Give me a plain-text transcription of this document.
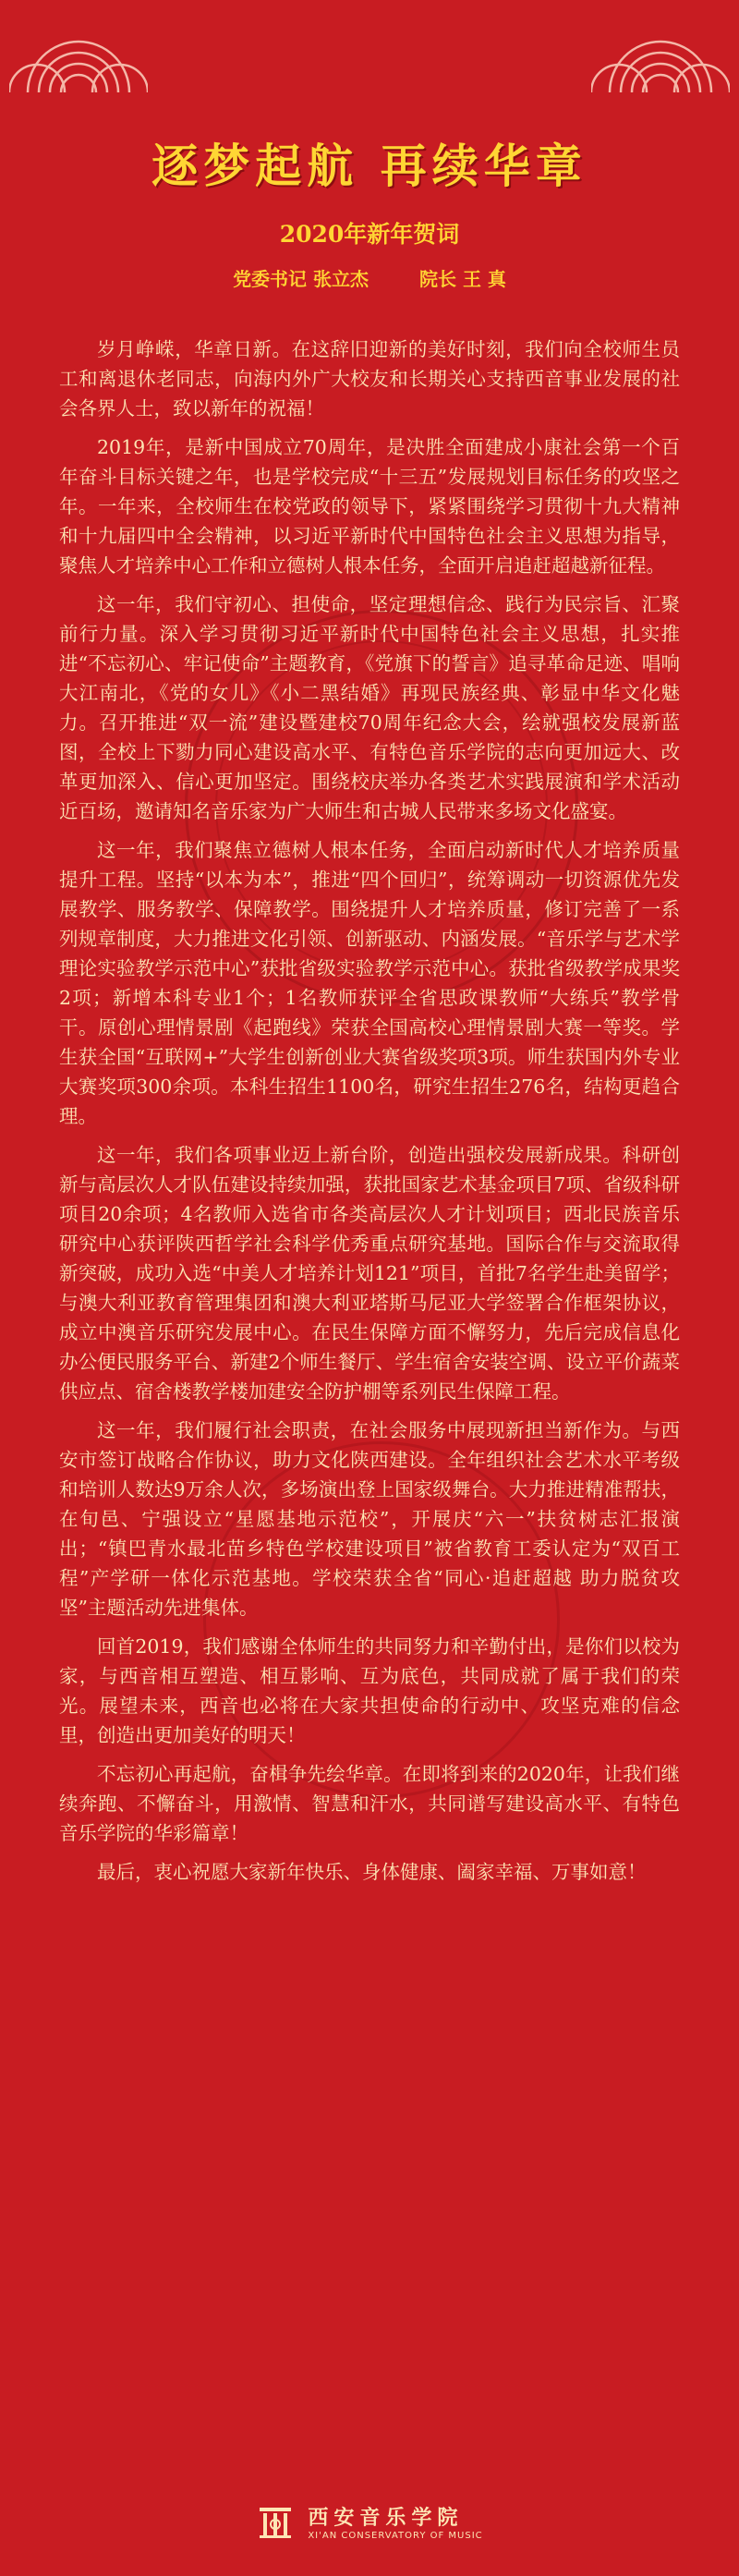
逐梦起航 再续华章
2020年新年贺词
党委书记 张立杰	院长 王 真

岁月峥嵘，华章日新。在这辞旧迎新的美好时刻，我们向全校师生员工和离退休老同志，向海内外广大校友和长期关心支持西音事业发展的社会各界人士，致以新年的祝福！

2019年，是新中国成立70周年，是决胜全面建成小康社会第一个百年奋斗目标关键之年，也是学校完成“十三五”发展规划目标任务的攻坚之年。一年来，全校师生在校党政的领导下，紧紧围绕学习贯彻十九大精神和十九届四中全会精神，以习近平新时代中国特色社会主义思想为指导，聚焦人才培养中心工作和立德树人根本任务，全面开启追赶超越新征程。

这一年，我们守初心、担使命，坚定理想信念、践行为民宗旨、汇聚前行力量。深入学习贯彻习近平新时代中国特色社会主义思想，扎实推进“不忘初心、牢记使命”主题教育，《党旗下的誓言》追寻革命足迹、唱响大江南北，《党的女儿》《小二黑结婚》再现民族经典、彰显中华文化魅力。召开推进“双一流”建设暨建校70周年纪念大会，绘就强校发展新蓝图，全校上下勠力同心建设高水平、有特色音乐学院的志向更加远大、改革更加深入、信心更加坚定。围绕校庆举办各类艺术实践展演和学术活动近百场，邀请知名音乐家为广大师生和古城人民带来多场文化盛宴。

这一年，我们聚焦立德树人根本任务，全面启动新时代人才培养质量提升工程。坚持“以本为本”，推进“四个回归”，统筹调动一切资源优先发展教学、服务教学、保障教学。围绕提升人才培养质量，修订完善了一系列规章制度，大力推进文化引领、创新驱动、内涵发展。“音乐学与艺术学理论实验教学示范中心”获批省级实验教学示范中心。获批省级教学成果奖2项；新增本科专业1个；1名教师获评全省思政课教师“大练兵”教学骨干。原创心理情景剧《起跑线》荣获全国高校心理情景剧大赛一等奖。学生获全国“互联网+”大学生创新创业大赛省级奖项3项。师生获国内外专业大赛奖项300余项。本科生招生1100名，研究生招生276名，结构更趋合理。

这一年，我们各项事业迈上新台阶，创造出强校发展新成果。科研创新与高层次人才队伍建设持续加强，获批国家艺术基金项目7项、省级科研项目20余项；4名教师入选省市各类高层次人才计划项目；西北民族音乐研究中心获评陕西哲学社会科学优秀重点研究基地。国际合作与交流取得新突破，成功入选“中美人才培养计划121”项目，首批7名学生赴美留学；与澳大利亚教育管理集团和澳大利亚塔斯马尼亚大学签署合作框架协议，成立中澳音乐研究发展中心。在民生保障方面不懈努力，先后完成信息化办公便民服务平台、新建2个师生餐厅、学生宿舍安装空调、设立平价蔬菜供应点、宿舍楼教学楼加建安全防护棚等系列民生保障工程。

这一年，我们履行社会职责，在社会服务中展现新担当新作为。与西安市签订战略合作协议，助力文化陕西建设。全年组织社会艺术水平考级和培训人数达9万余人次，多场演出登上国家级舞台。大力推进精准帮扶，在旬邑、宁强设立“星愿基地示范校”，开展庆“六一”扶贫树志汇报演出；“镇巴青水最北苗乡特色学校建设项目”被省教育工委认定为“双百工程”产学研一体化示范基地。学校荣获全省“同心·追赶超越 助力脱贫攻坚”主题活动先进集体。

回首2019，我们感谢全体师生的共同努力和辛勤付出，是你们以校为家，与西音相互塑造、相互影响、互为底色，共同成就了属于我们的荣光。展望未来，西音也必将在大家共担使命的行动中、攻坚克难的信念里，创造出更加美好的明天！

不忘初心再起航，奋楫争先绘华章。在即将到来的2020年，让我们继续奔跑、不懈奋斗，用激情、智慧和汗水，共同谱写建设高水平、有特色音乐学院的华彩篇章！

最后，衷心祝愿大家新年快乐、身体健康、阖家幸福、万事如意！

西安音乐学院
XI'AN CONSERVATORY OF MUSIC
